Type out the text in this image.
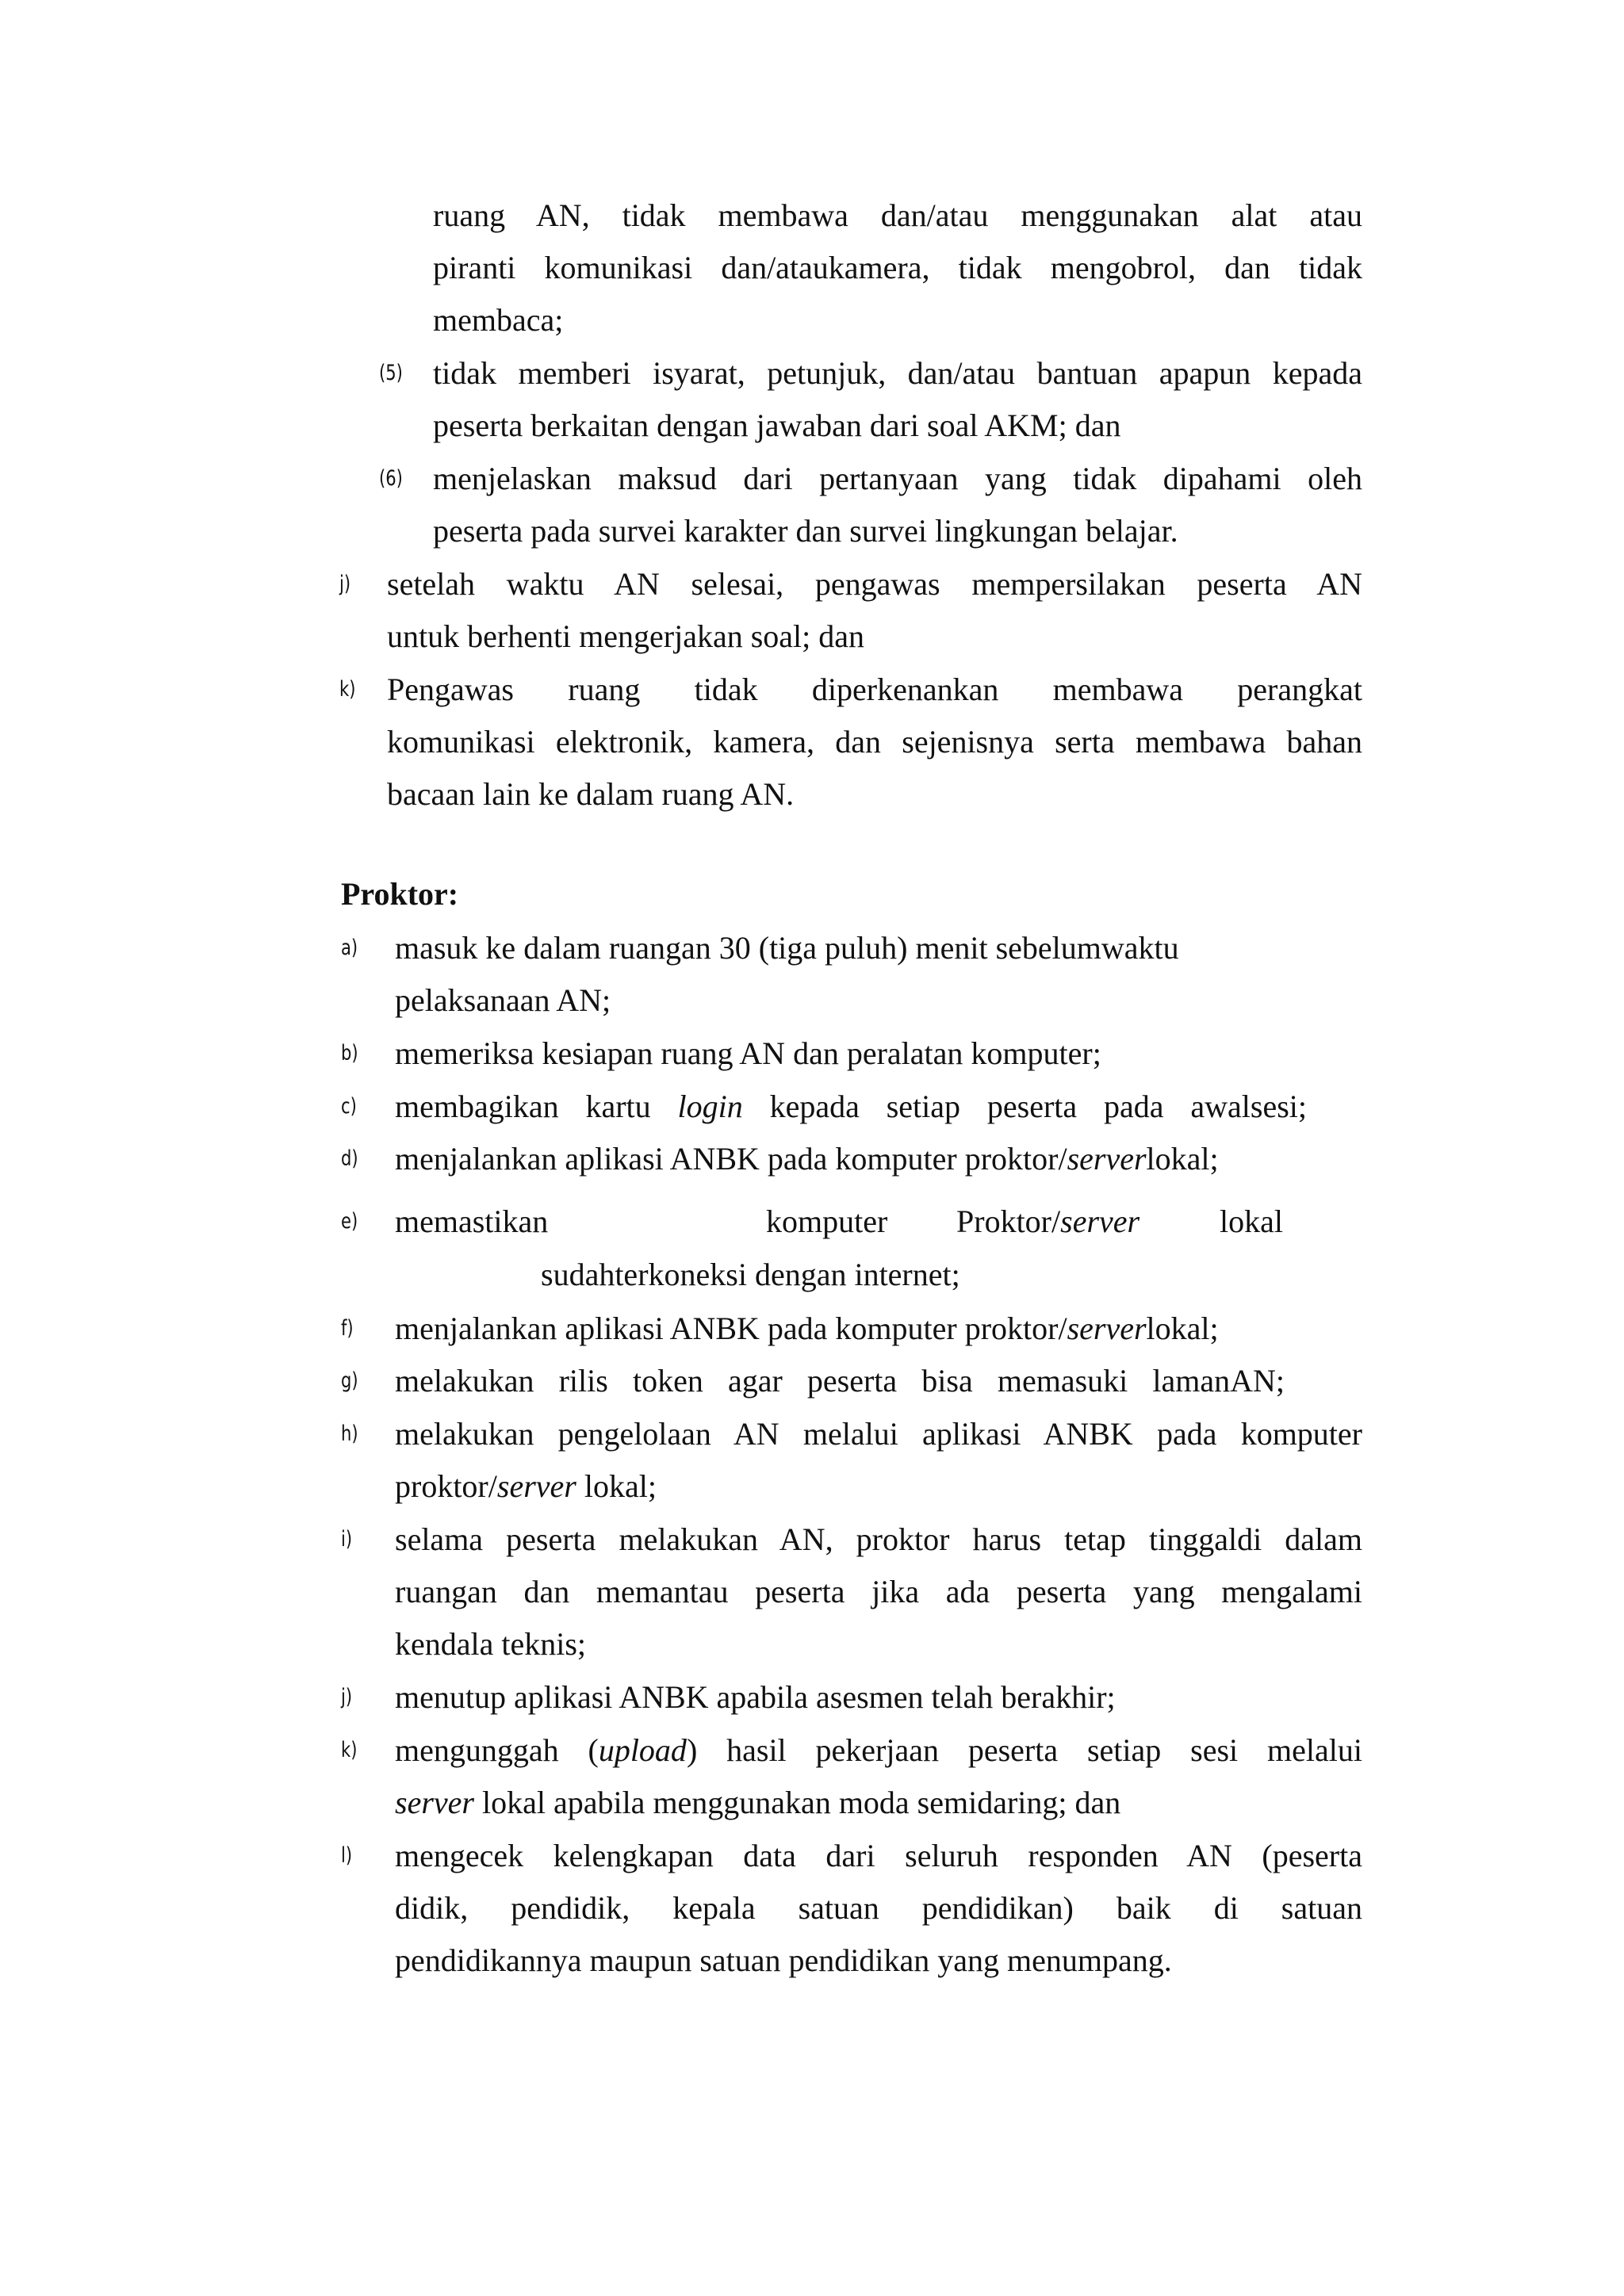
ruang AN, tidak membawa dan/atau menggunakan alat atau
piranti komunikasi dan/ataukamera, tidak mengobrol, dan tidak
membaca;
(5) tidak memberi isyarat, petunjuk, dan/atau bantuan apapun kepada
peserta berkaitan dengan jawaban dari soal AKM; dan
(6) menjelaskan maksud dari pertanyaan yang tidak dipahami oleh
peserta pada survei karakter dan survei lingkungan belajar.
j) setelah waktu AN selesai, pengawas mempersilakan peserta AN
untuk berhenti mengerjakan soal; dan
k) Pengawas ruang tidak diperkenankan membawa perangkat
komunikasi elektronik, kamera, dan sejenisnya serta membawa bahan
bacaan lain ke dalam ruang AN.
Proktor:
a) masuk ke dalam ruangan 30 (tiga puluh) menit sebelumwaktu
pelaksanaan AN;
b) memeriksa kesiapan ruang AN dan peralatan komputer;
c) membagikan kartu login kepada setiap peserta pada awalsesi;
d) menjalankan aplikasi ANBK pada komputer proktor/serverlokal;
e) memastikan	komputer Proktor/server	lokal
sudahterkoneksi dengan internet;
f) menjalankan aplikasi ANBK pada komputer proktor/serverlokal;
g) melakukan rilis token agar peserta bisa memasuki lamanAN;
h) melakukan pengelolaan AN melalui aplikasi ANBK pada komputer
proktor/server lokal;
i) selama peserta melakukan AN, proktor harus tetap tinggaldi dalam
ruangan dan memantau peserta jika ada peserta yang mengalami
kendala teknis;
j) menutup aplikasi ANBK apabila asesmen telah berakhir;
k) mengunggah (upload) hasil pekerjaan peserta setiap sesi melalui
server lokal apabila menggunakan moda semidaring; dan
l) mengecek kelengkapan data dari seluruh responden AN (peserta
didik, pendidik, kepala satuan pendidikan) baik di satuan
pendidikannya maupun satuan pendidikan yang menumpang.
